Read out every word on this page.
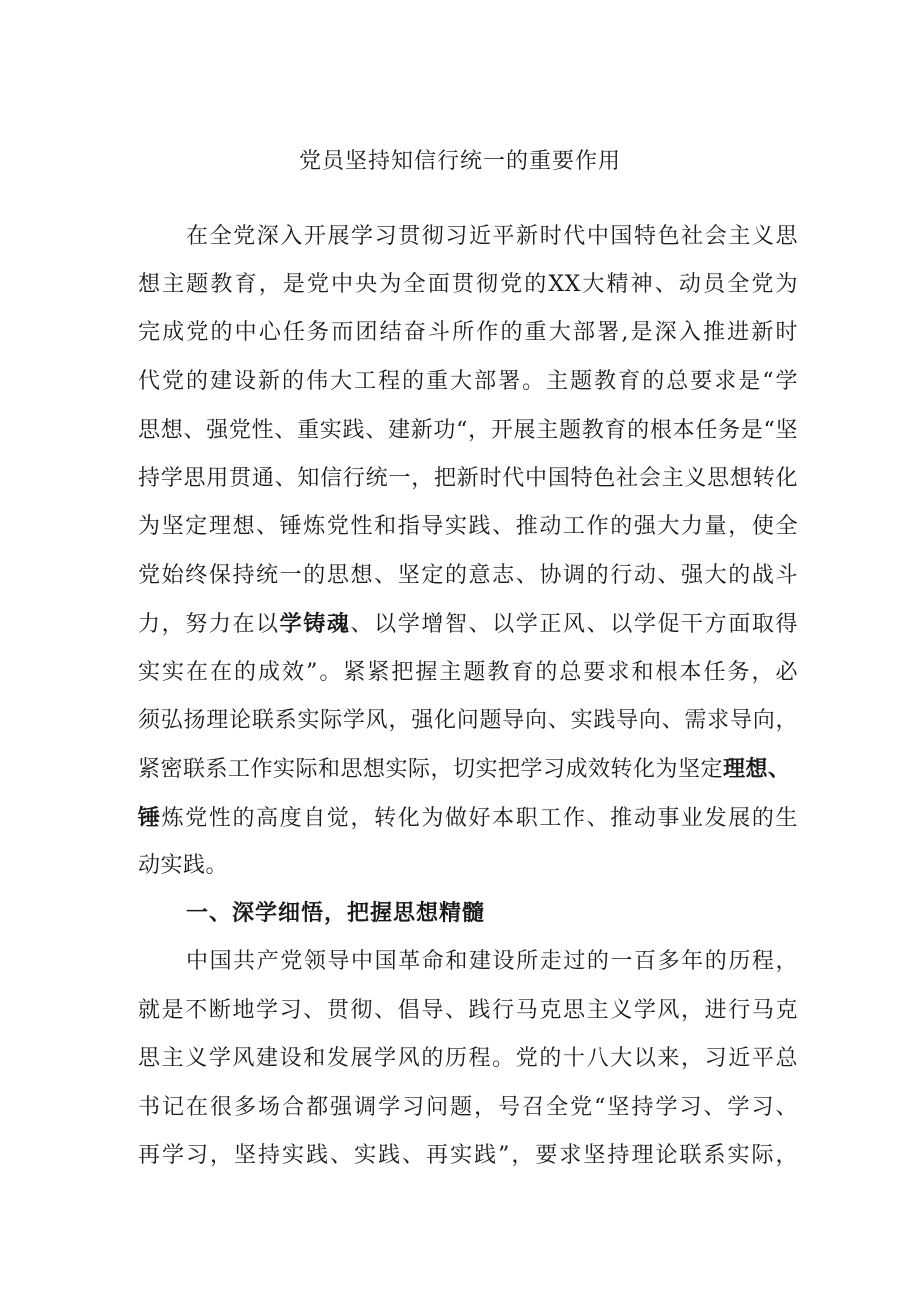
党员坚持知信行统一的重要作用
在全党深入开展学习贯彻习近平新时代中国特色社会主义思
想主题教育，是党中央为全面贯彻党的XX大精神、动员全党为
完成党的中心任务而团结奋斗所作的重大部署,是深入推进新时
代党的建设新的伟大工程的重大部署。主题教育的总要求是“学
思想、强党性、重实践、建新功“，开展主题教育的根本任务是“坚
持学思用贯通、知信行统一，把新时代中国特色社会主义思想转化
为坚定理想、锤炼党性和指导实践、推动工作的强大力量，使全
党始终保持统一的思想、坚定的意志、协调的行动、强大的战斗
力，努力在以学铸魂、以学增智、以学正风、以学促干方面取得
实实在在的成效”。紧紧把握主题教育的总要求和根本任务，必
须弘扬理论联系实际学风，强化问题导向、实践导向、需求导向，
紧密联系工作实际和思想实际，切实把学习成效转化为坚定理想、
锤炼党性的高度自觉，转化为做好本职工作、推动事业发展的生
动实践。
一、深学细悟，把握思想精髓
中国共产党领导中国革命和建设所走过的一百多年的历程，
就是不断地学习、贯彻、倡导、践行马克思主义学风，进行马克
思主义学风建设和发展学风的历程。党的十八大以来，习近平总
书记在很多场合都强调学习问题，号召全党“坚持学习、学习、
再学习，坚持实践、实践、再实践”，要求坚持理论联系实际，
